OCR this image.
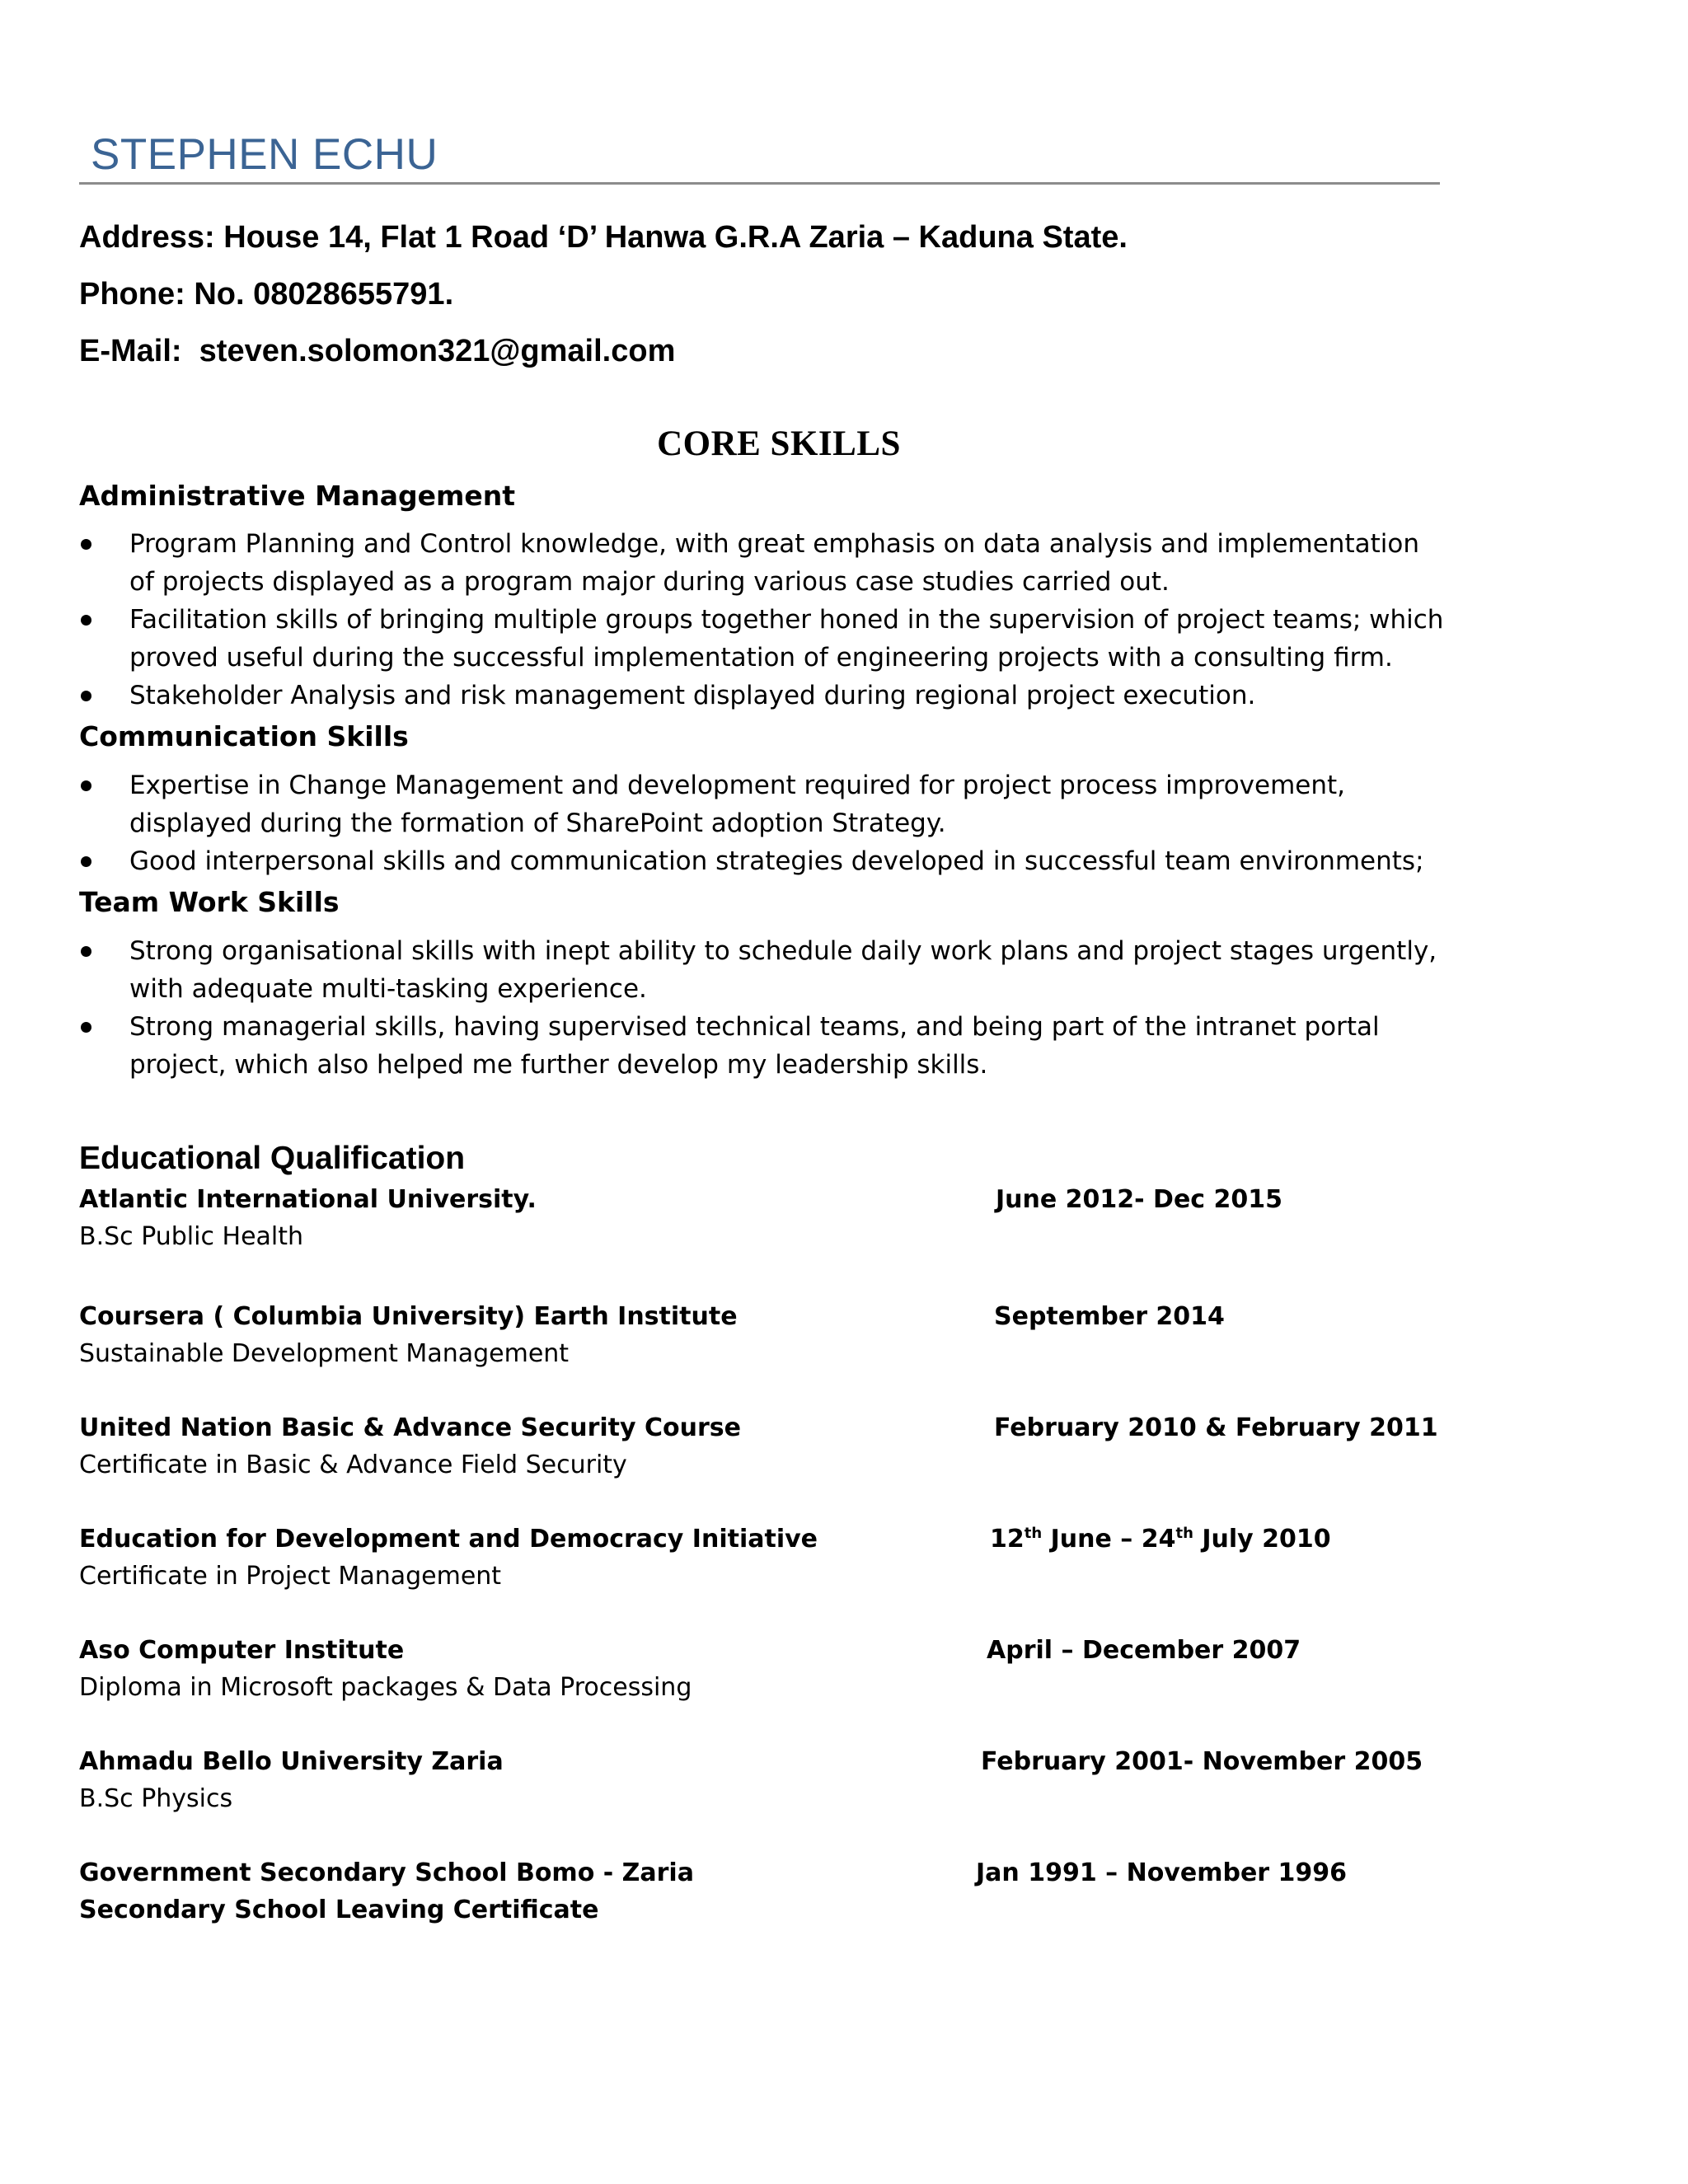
STEPHEN ECHU
Address: House 14, Flat 1 Road ‘D’ Hanwa G.R.A Zaria – Kaduna State.
Phone: No. 08028655791.
E-Mail:  steven.solomon321@gmail.com
CORE SKILLS
Administrative Management
Program Planning and Control knowledge, with great emphasis on data analysis and implementation of projects displayed as a program major during various case studies carried out.
Facilitation skills of bringing multiple groups together honed in the supervision of project teams; which proved useful during the successful implementation of engineering projects with a consulting firm.
Stakeholder Analysis and risk management displayed during regional project execution.
Communication Skills
Expertise in Change Management and development required for project process improvement, displayed during the formation of SharePoint adoption Strategy.
Good interpersonal skills and communication strategies developed in successful team environments;
Team Work Skills
Strong organisational skills with inept ability to schedule daily work plans and project stages urgently, with adequate multi-tasking experience.
Strong managerial skills, having supervised technical teams, and being part of the intranet portal project, which also helped me further develop my leadership skills.
Educational Qualification
Atlantic International University.	June 2012- Dec 2015
B.Sc Public Health
Coursera ( Columbia University) Earth Institute	September 2014
Sustainable Development Management
United Nation Basic & Advance Security Course	February 2010 & February 2011
Certificate in Basic & Advance Field Security
Education for Development and Democracy Initiative	12th June – 24th July 2010
Certificate in Project Management
Aso Computer Institute	April – December 2007
Diploma in Microsoft packages & Data Processing
Ahmadu Bello University Zaria	February 2001- November 2005
B.Sc Physics
Government Secondary School Bomo - Zaria	Jan 1991 – November 1996
Secondary School Leaving Certificate
